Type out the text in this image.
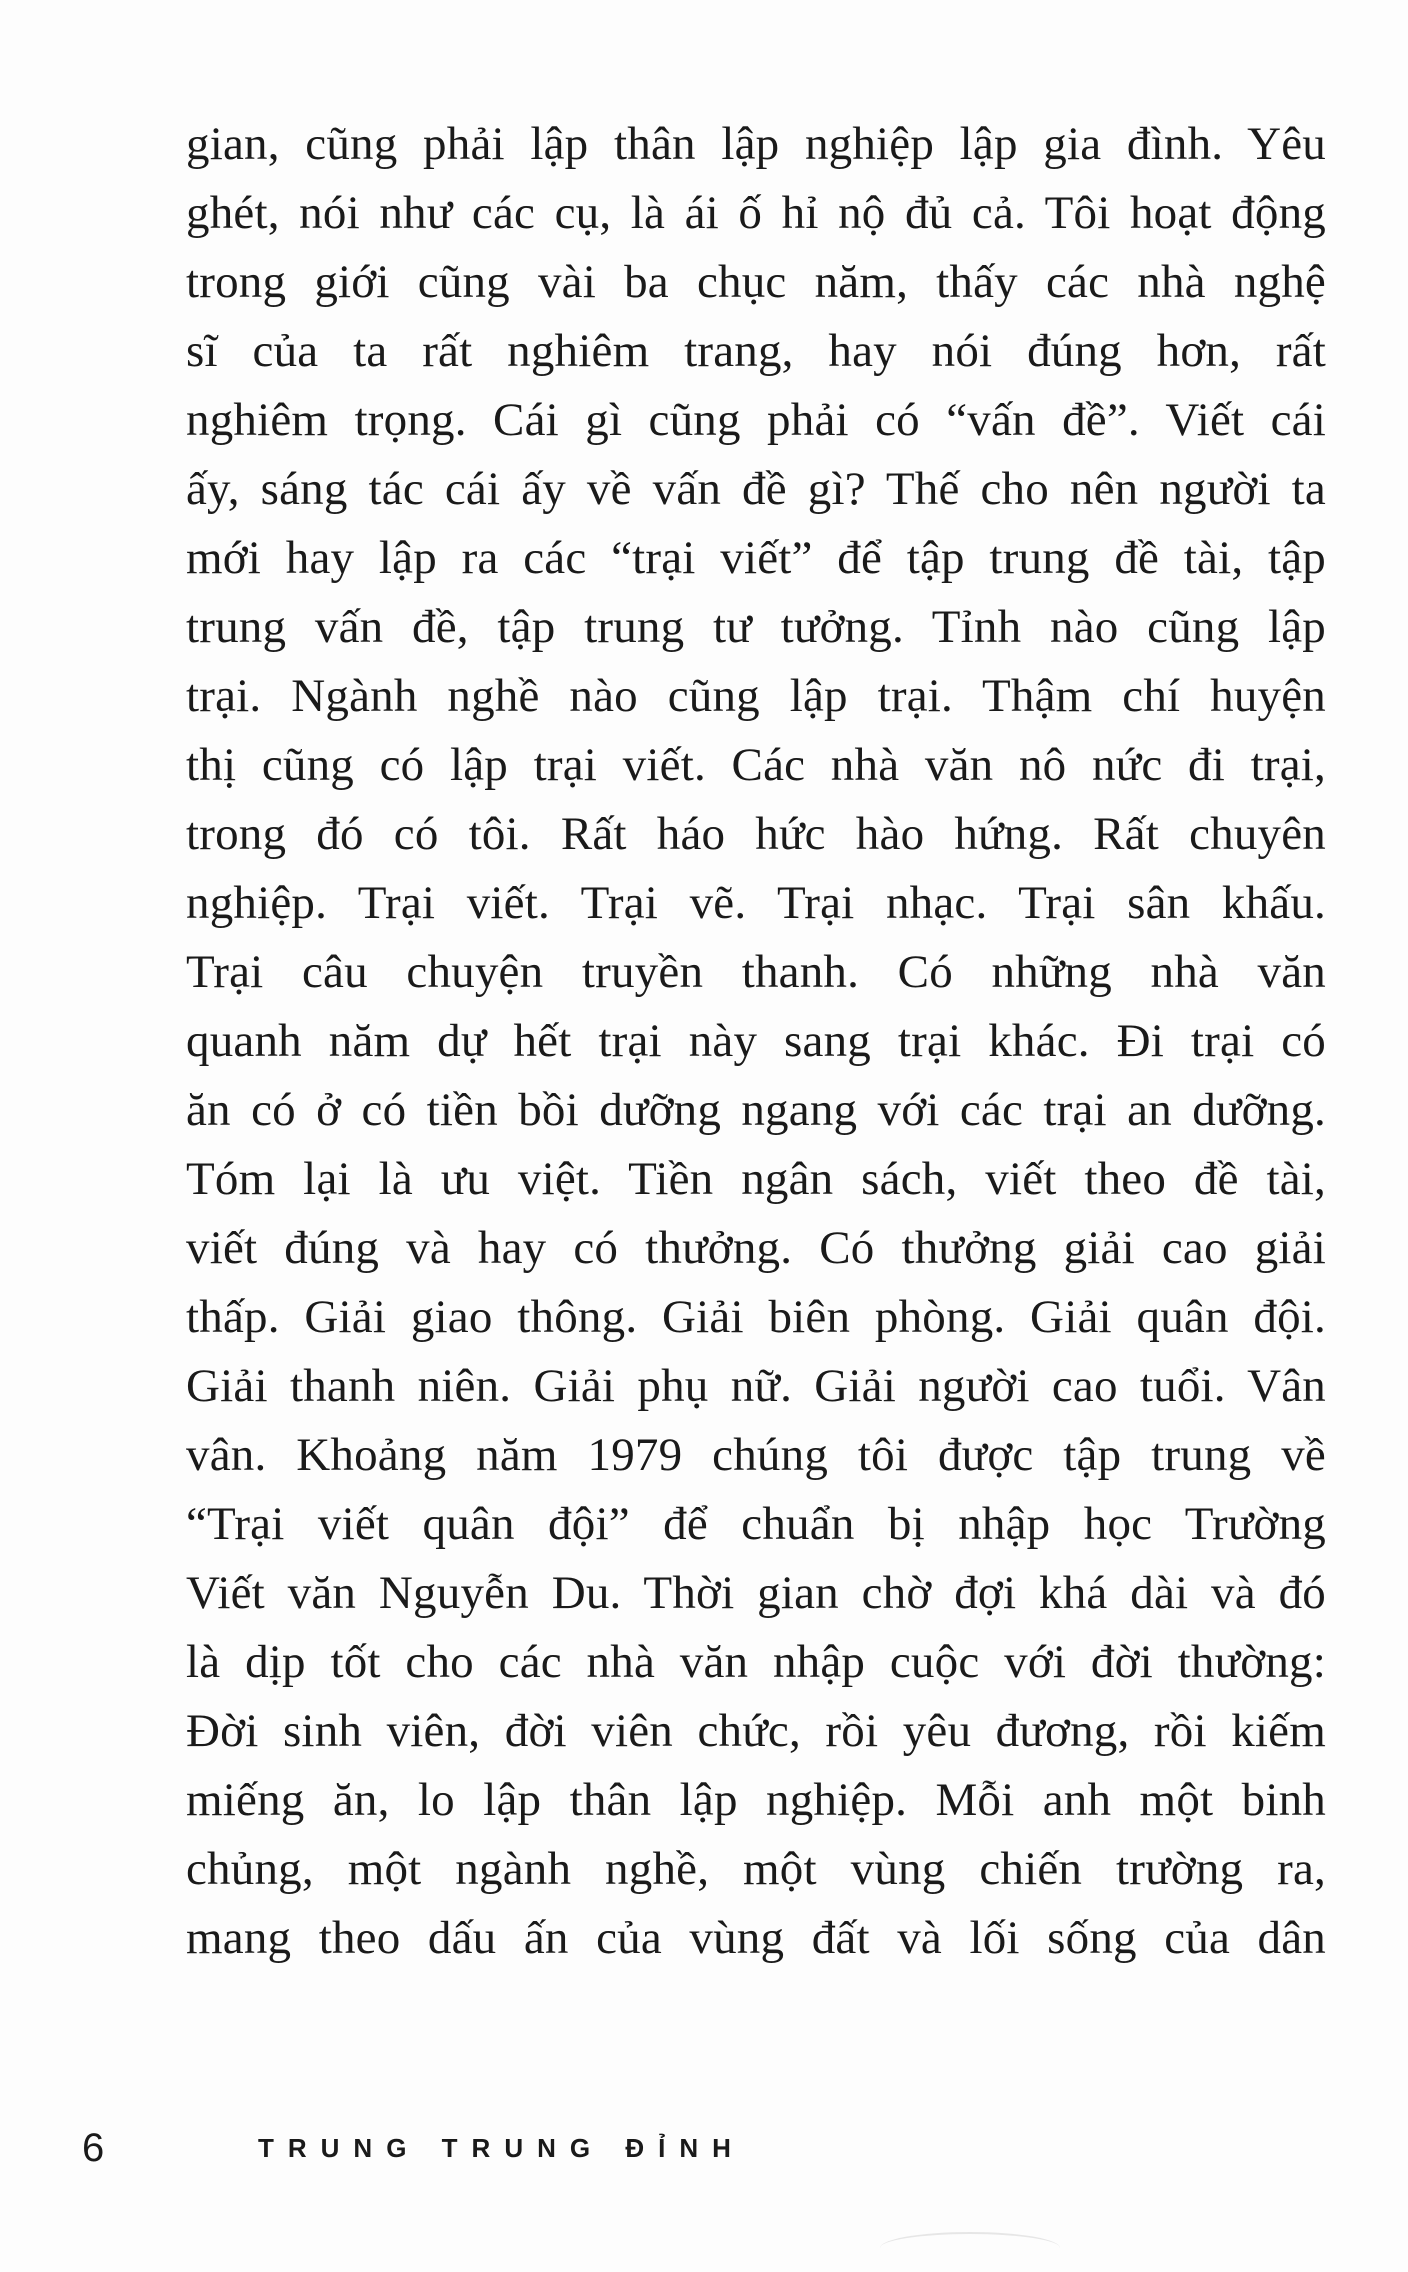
gian, cũng phải lập thân lập nghiệp lập gia đình. Yêu
ghét, nói như các cụ, là ái ố hỉ nộ đủ cả. Tôi hoạt động
trong giới cũng vài ba chục năm, thấy các nhà nghệ
sĩ của ta rất nghiêm trang, hay nói đúng hơn, rất
nghiêm trọng. Cái gì cũng phải có “vấn đề”. Viết cái
ấy, sáng tác cái ấy về vấn đề gì? Thế cho nên người ta
mới hay lập ra các “trại viết” để tập trung đề tài, tập
trung vấn đề, tập trung tư tưởng. Tỉnh nào cũng lập
trại. Ngành nghề nào cũng lập trại. Thậm chí huyện
thị cũng có lập trại viết. Các nhà văn nô nức đi trại,
trong đó có tôi. Rất háo hức hào hứng. Rất chuyên
nghiệp. Trại viết. Trại vẽ. Trại nhạc. Trại sân khấu.
Trại câu chuyện truyền thanh. Có những nhà văn
quanh năm dự hết trại này sang trại khác. Đi trại có
ăn có ở có tiền bồi dưỡng ngang với các trại an dưỡng.
Tóm lại là ưu việt. Tiền ngân sách, viết theo đề tài,
viết đúng và hay có thưởng. Có thưởng giải cao giải
thấp. Giải giao thông. Giải biên phòng. Giải quân đội.
Giải thanh niên. Giải phụ nữ. Giải người cao tuổi. Vân
vân. Khoảng năm 1979 chúng tôi được tập trung về
“Trại viết quân đội” để chuẩn bị nhập học Trường
Viết văn Nguyễn Du. Thời gian chờ đợi khá dài và đó
là dịp tốt cho các nhà văn nhập cuộc với đời thường:
Đời sinh viên, đời viên chức, rồi yêu đương, rồi kiếm
miếng ăn, lo lập thân lập nghiệp. Mỗi anh một binh
chủng, một ngành nghề, một vùng chiến trường ra,
mang theo dấu ấn của vùng đất và lối sống của dân
6	TRUNG TRUNG ĐỈNH
